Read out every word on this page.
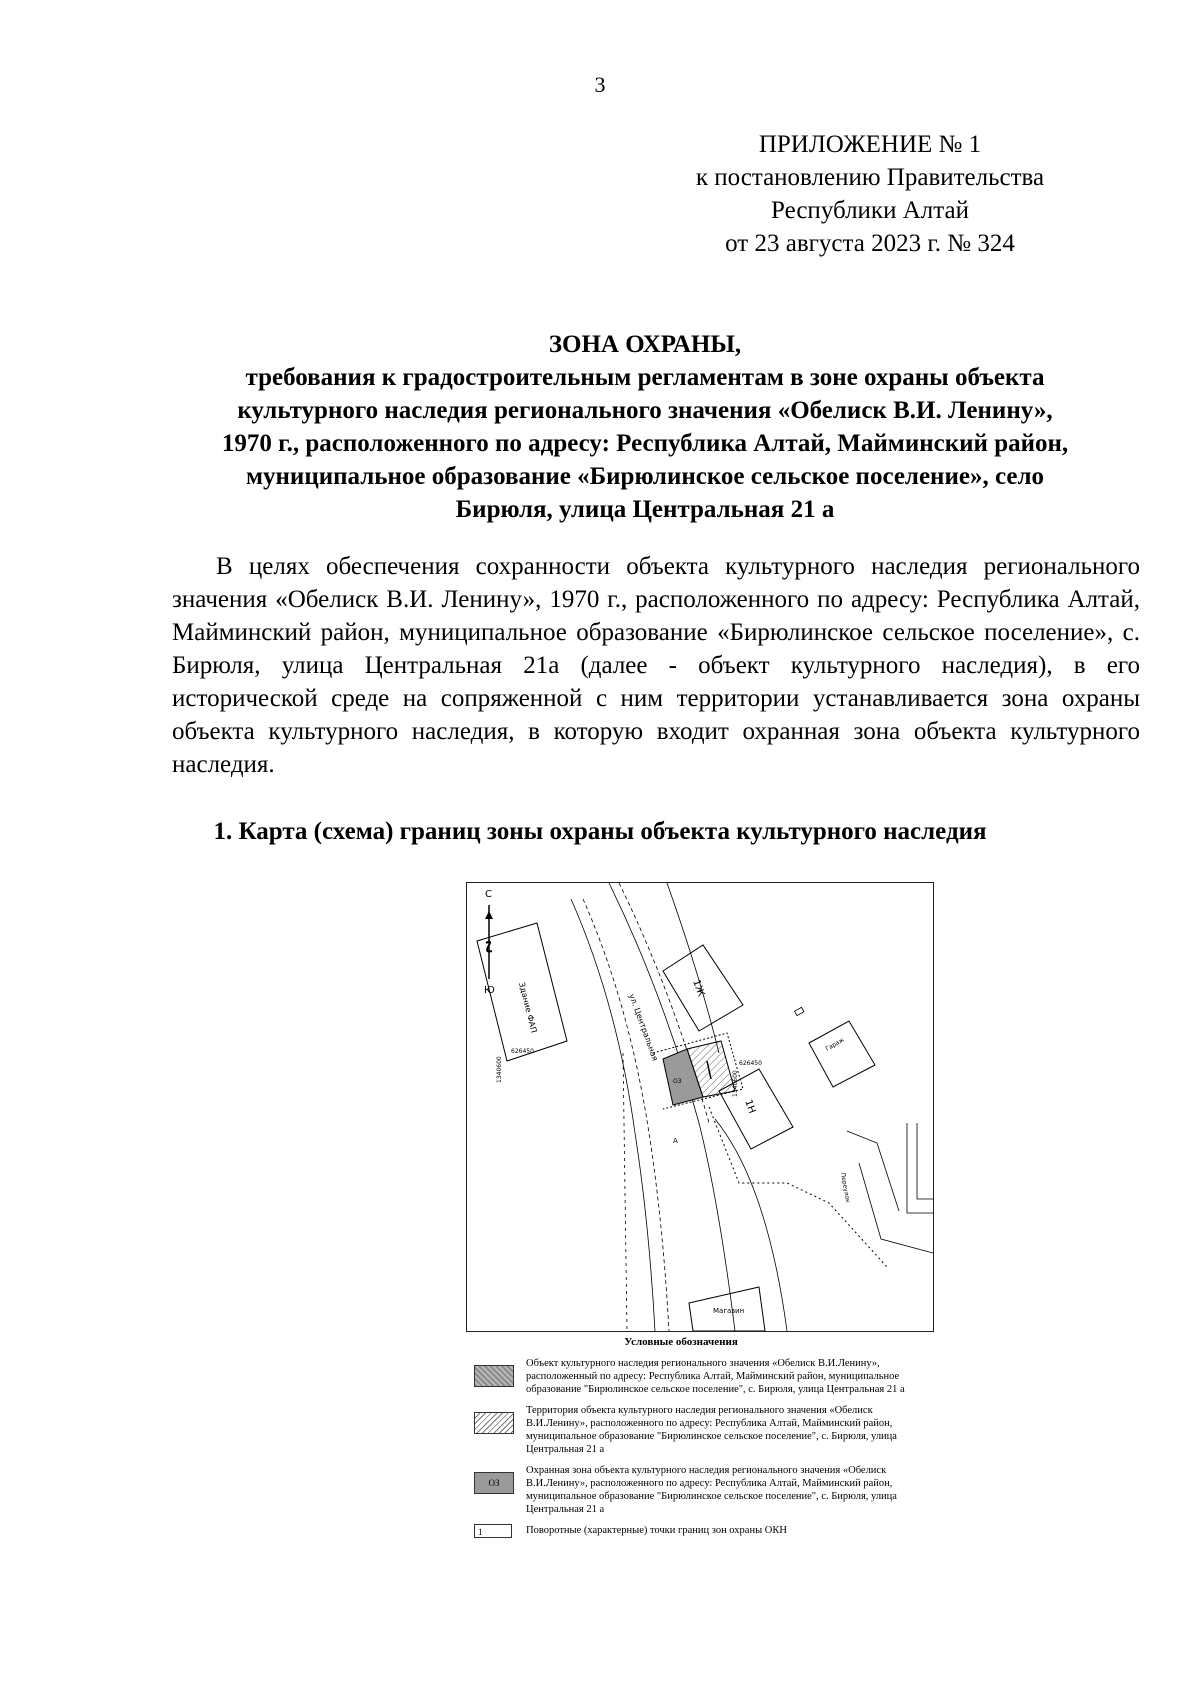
3
ПРИЛОЖЕНИЕ № 1
к постановлению Правительства
Республики Алтай
от 23 августа 2023 г. № 324
ЗОНА ОХРАНЫ,
требования к градостроительным регламентам в зоне охраны объекта
культурного наследия регионального значения «Обелиск В.И. Ленину»,
1970 г., расположенного по адресу: Республика Алтай, Майминский район,
муниципальное образование «Бирюлинское сельское поселение», село
Бирюля, улица Центральная 21 а

В целях обеспечения сохранности объекта культурного наследия регионального значения «Обелиск В.И. Ленину», 1970 г., расположенного по адресу: Республика Алтай, Майминский район, муниципальное образование «Бирюлинское сельское поселение», с. Бирюля, улица Центральная 21а (далее - объект культурного наследия), в его исторической среде на сопряженной с ним территории устанавливается зона охраны объекта культурного наследия, в которую входит охранная зона объекта культурного наследия.

1. Карта (схема) границ зоны охраны объекта культурного наследия
С
Ю	Здание ФАП
626450
1340600
ул. Центральная
А
1Ж
ОЗ
626450
1340600
1Н
Гараж
Переулок
Магазин
Условные обозначения
Объект культурного наследия регионального значения «Обелиск В.И.Ленину», расположенный по адресу: Республика Алтай, Майминский район, муниципальное образование "Бирюлинское сельское поселение", с. Бирюля, улица Центральная 21 а
Территория объекта культурного наследия регионального значения «Обелиск В.И.Ленину», расположенного по адресу: Республика Алтай, Майминский район, муниципальное образование "Бирюлинское сельское поселение", с. Бирюля, улица Центральная 21 а
ОЗ
Охранная зона объекта культурного наследия регионального значения «Обелиск В.И.Ленину», расположенного по адресу: Республика Алтай, Майминский район, муниципальное образование "Бирюлинское сельское поселение", с. Бирюля, улица Центральная 21 а
1	Поворотные (характерные) точки границ зон охраны ОКН
